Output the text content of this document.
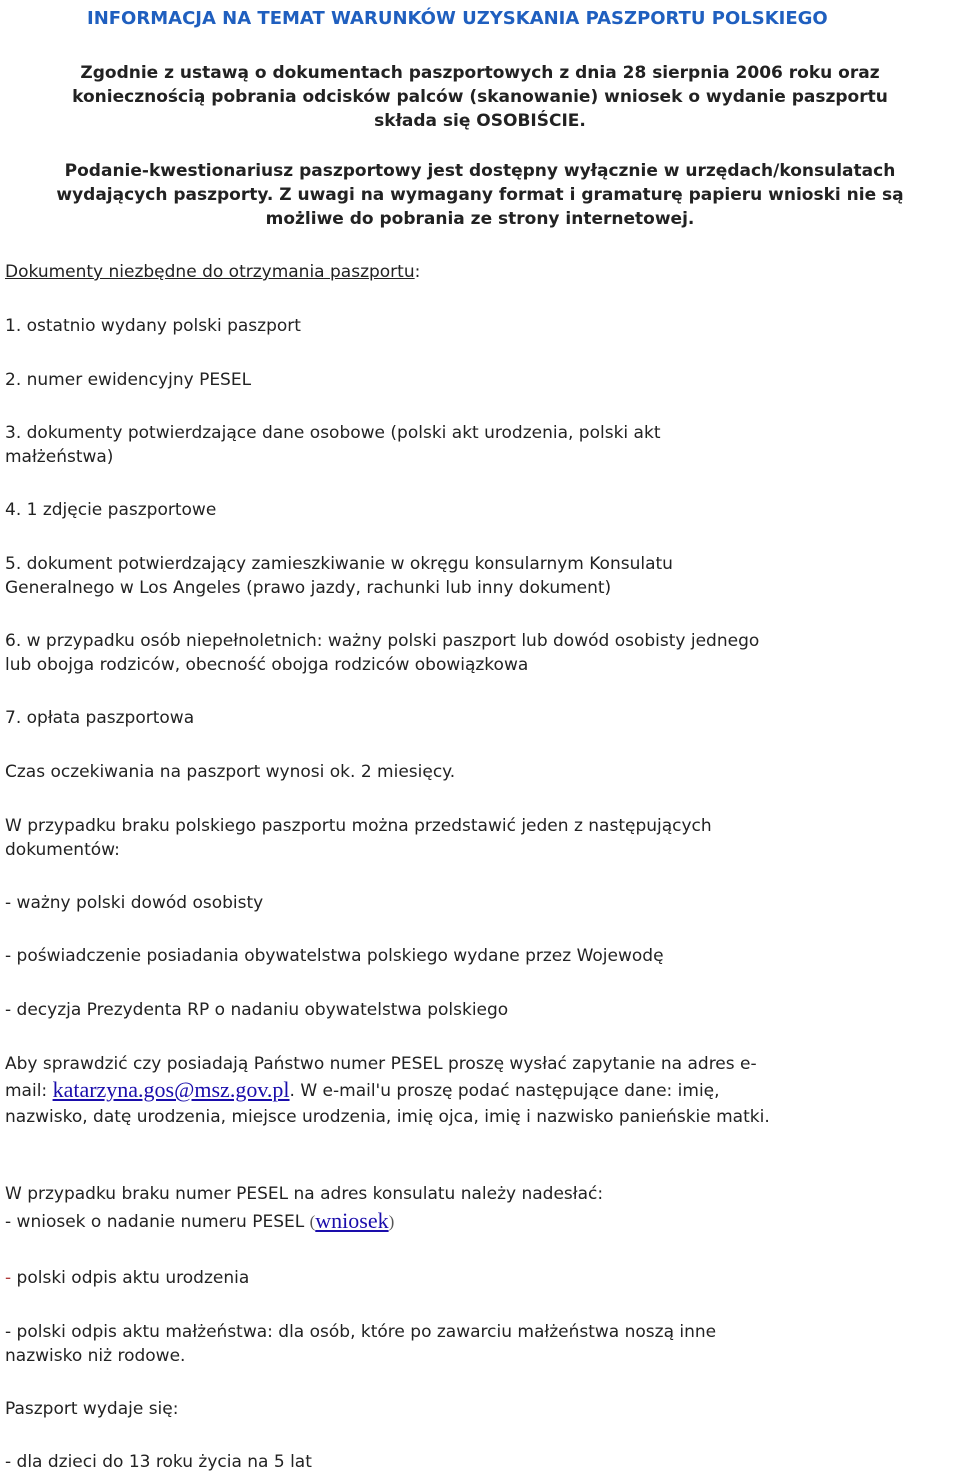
INFORMACJA NA TEMAT WARUNKÓW UZYSKANIA PASZPORTU POLSKIEGO
Zgodnie z ustawą o dokumentach paszportowych z dnia 28 sierpnia 2006 roku oraz
koniecznością pobrania odcisków palców (skanowanie) wniosek o wydanie paszportu
składa się OSOBIŚCIE.
Podanie-kwestionariusz paszportowy jest dostępny wyłącznie w urzędach/konsulatach
wydających paszporty. Z uwagi na wymagany format i gramaturę papieru wnioski nie są
możliwe do pobrania ze strony internetowej.
Dokumenty niezbędne do otrzymania paszportu:
1. ostatnio wydany polski paszport
2. numer ewidencyjny PESEL
3. dokumenty potwierdzające dane osobowe (polski akt urodzenia, polski akt
małżeństwa)
4. 1 zdjęcie paszportowe
5. dokument potwierdzający zamieszkiwanie w okręgu konsularnym Konsulatu
Generalnego w Los Angeles (prawo jazdy, rachunki lub inny dokument)
6. w przypadku osób niepełnoletnich: ważny polski paszport lub dowód osobisty jednego
lub obojga rodziców, obecność obojga rodziców obowiązkowa
7. opłata paszportowa
Czas oczekiwania na paszport wynosi ok. 2 miesięcy.
W przypadku braku polskiego paszportu można przedstawić jeden z następujących
dokumentów:
- ważny polski dowód osobisty
- poświadczenie posiadania obywatelstwa polskiego wydane przez Wojewodę
- decyzja Prezydenta RP o nadaniu obywatelstwa polskiego
Aby sprawdzić czy posiadają Państwo numer PESEL proszę wysłać zapytanie na adres e-
mail: katarzyna.gos@msz.gov.pl. W e-mail'u proszę podać następujące dane: imię,
nazwisko, datę urodzenia, miejsce urodzenia, imię ojca, imię i nazwisko panieńskie matki.
W przypadku braku numer PESEL na adres konsulatu należy nadesłać:
- wniosek o nadanie numeru PESEL (wniosek)
- polski odpis aktu urodzenia
- polski odpis aktu małżeństwa: dla osób, które po zawarciu małżeństwa noszą inne
nazwisko niż rodowe.
Paszport wydaje się:
- dla dzieci do 13 roku życia na 5 lat
